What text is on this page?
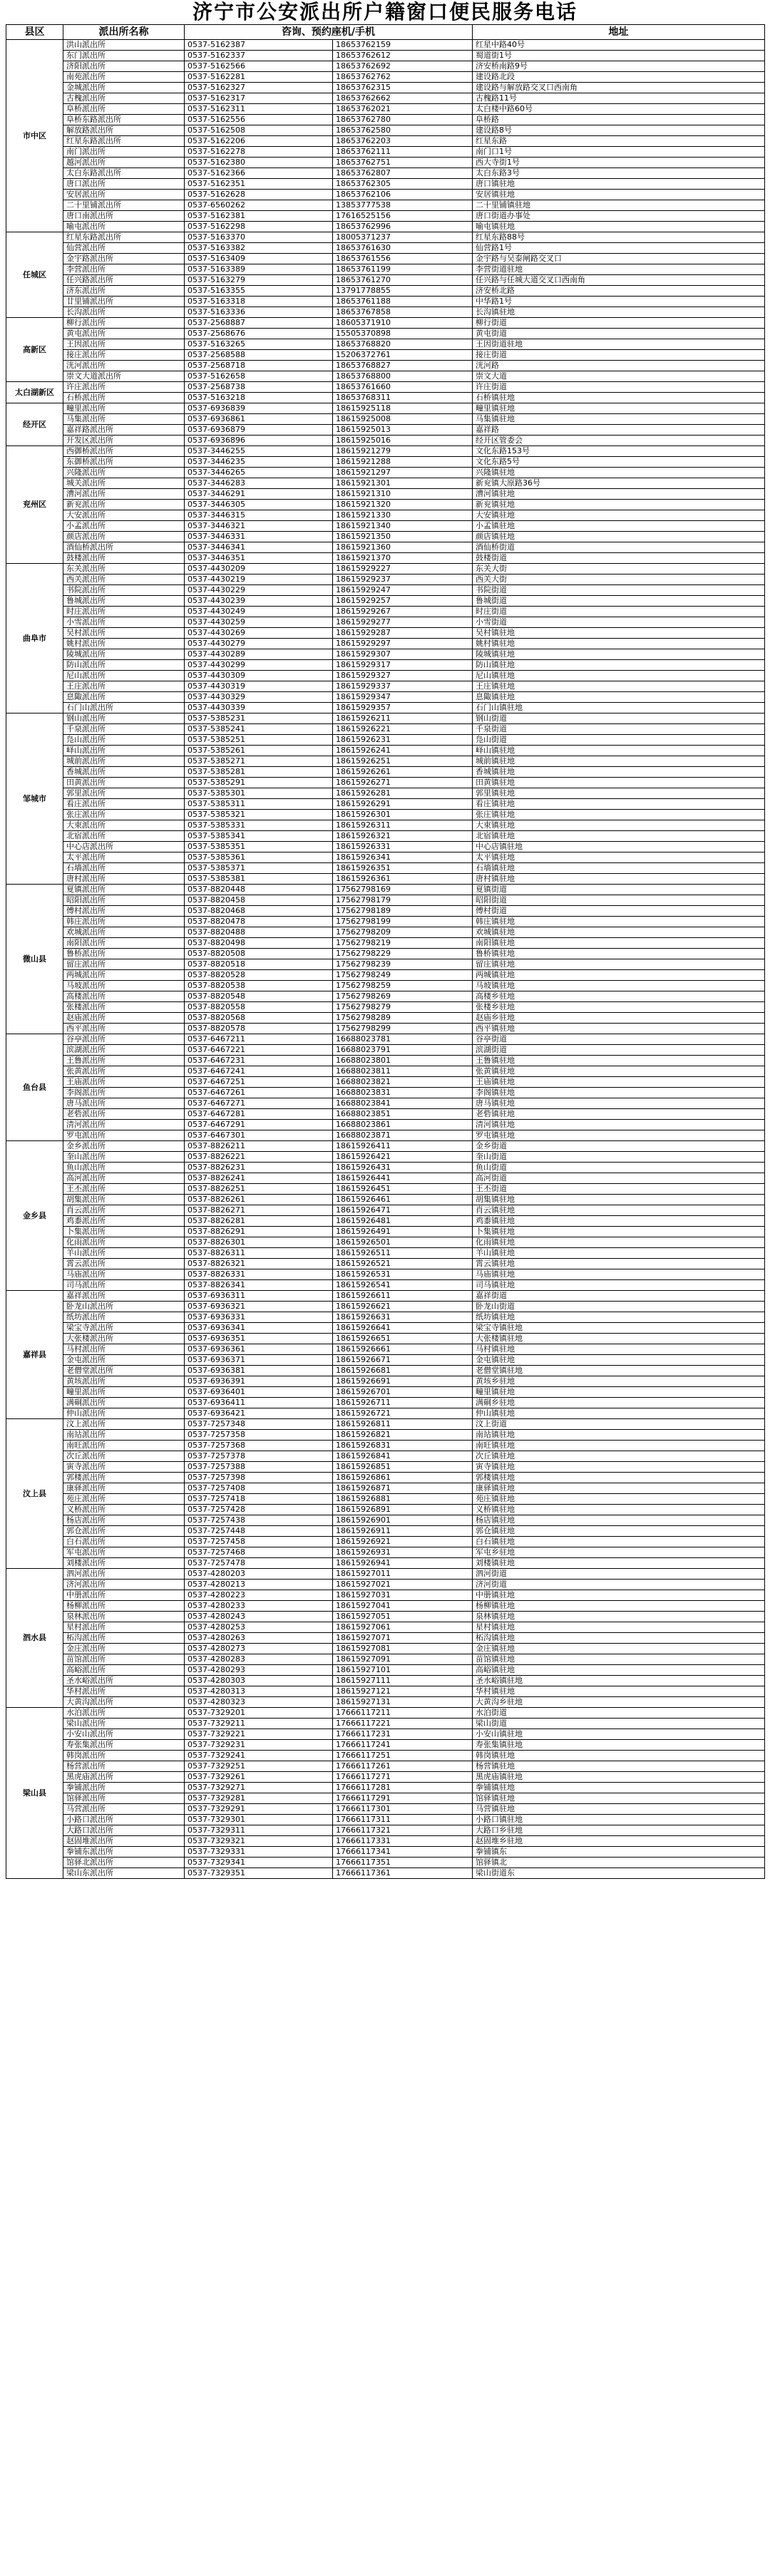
济宁市公安派出所户籍窗口便民服务电话
县区	派出所名称	咨询、预约座机/手机		地址
市中区	洪山派出所	0537-5162387	18653762159	红星中路40号
	东门派出所	0537-5162337	18653762612	蜀道街1号
	济阳派出所	0537-5162566	18653762692	济安桥南路9号
	南苑派出所	0537-5162281	18653762762	建设路北段
	金城派出所	0537-5162327	18653762315	建设路与解放路交叉口西南角
	古槐派出所	0537-5162317	18653762662	古槐路11号
	阜桥派出所	0537-5162311	18653762021	太白楼中路60号
	阜桥东路派出所	0537-5162556	18653762780	阜桥路
	解放路派出所	0537-5162508	18653762580	建设路8号
	红星东路派出所	0537-5162206	18653762203	红星东路
	南门派出所	0537-5162278	18653762111	南门口1号
	越河派出所	0537-5162380	18653762751	西大寺街1号
	太白东路派出所	0537-5162366	18653762807	太白东路3号
	唐口派出所	0537-5162351	18653762305	唐口镇驻地
	安居派出所	0537-5162628	18653762106	安居镇驻地
	二十里铺派出所	0537-6560262	13853777538	二十里铺镇驻地
	唐口南派出所	0537-5162381	17616525156	唐口街道办事处
	喻屯派出所	0537-5162298	18653762996	喻屯镇驻地
任城区	红星东路派出所	0537-5163370	18005371237	红星东路88号
	仙营派出所	0537-5163382	18653761630	仙营路1号
	金宇路派出所	0537-5163409	18653761556	金宇路与吴泰闸路交叉口
	李营派出所	0537-5163389	18653761199	李营街道驻地
	任兴路派出所	0537-5163279	18653761270	任兴路与任城大道交叉口西南角
	济东派出所	0537-5163355	13791778855	济安桥北路
	廿里铺派出所	0537-5163318	18653761188	中华路1号
	长沟派出所	0537-5163336	18653767858	长沟镇驻地
高新区	柳行派出所	0537-2568887	18605371910	柳行街道
	黄屯派出所	0537-2568676	15505370898	黄屯街道
	王因派出所	0537-5163265	18653768820	王因街道驻地
	接庄派出所	0537-2568588	15206372761	接庄街道
	洸河派出所	0537-2568718	18653768827	洸河路
	崇文大道派出所	0537-5162658	18653768800	崇文大道
太白湖新区	许庄派出所	0537-2568738	18653761660	许庄街道
	石桥派出所	0537-5163218	18653768311	石桥镇驻地
经开区	疃里派出所	0537-6936839	18615925118	疃里镇驻地
	马集派出所	0537-6936861	18615925008	马集镇驻地
	嘉祥路派出所	0537-6936879	18615925013	嘉祥路
	开发区派出所	0537-6936896	18615925016	经开区管委会
兖州区	西御桥派出所	0537-3446255	18615921279	文化东路153号
	东御桥派出所	0537-3446235	18615921288	文化东路5号
	兴隆派出所	0537-3446265	18615921297	兴隆镇驻地
	城关派出所	0537-3446283	18615921301	新兖镇大原路36号
	漕河派出所	0537-3446291	18615921310	漕河镇驻地
	新兖派出所	0537-3446305	18615921320	新兖镇驻地
	大安派出所	0537-3446315	18615921330	大安镇驻地
	小孟派出所	0537-3446321	18615921340	小孟镇驻地
	颜店派出所	0537-3446331	18615921350	颜店镇驻地
	酒仙桥派出所	0537-3446341	18615921360	酒仙桥街道
	鼓楼派出所	0537-3446351	18615921370	鼓楼街道
曲阜市	东关派出所	0537-4430209	18615929227	东关大街
	西关派出所	0537-4430219	18615929237	西关大街
	书院派出所	0537-4430229	18615929247	书院街道
	鲁城派出所	0537-4430239	18615929257	鲁城街道
	时庄派出所	0537-4430249	18615929267	时庄街道
	小雪派出所	0537-4430259	18615929277	小雪街道
	吴村派出所	0537-4430269	18615929287	吴村镇驻地
	姚村派出所	0537-4430279	18615929297	姚村镇驻地
	陵城派出所	0537-4430289	18615929307	陵城镇驻地
	防山派出所	0537-4430299	18615929317	防山镇驻地
	尼山派出所	0537-4430309	18615929327	尼山镇驻地
	王庄派出所	0537-4430319	18615929337	王庄镇驻地
	息陬派出所	0537-4430329	18615929347	息陬镇驻地
	石门山派出所	0537-4430339	18615929357	石门山镇驻地
邹城市	钢山派出所	0537-5385231	18615926211	钢山街道
	千泉派出所	0537-5385241	18615926221	千泉街道
	凫山派出所	0537-5385251	18615926231	凫山街道
	峄山派出所	0537-5385261	18615926241	峄山镇驻地
	城前派出所	0537-5385271	18615926251	城前镇驻地
	香城派出所	0537-5385281	18615926261	香城镇驻地
	田黄派出所	0537-5385291	18615926271	田黄镇驻地
	郭里派出所	0537-5385301	18615926281	郭里镇驻地
	看庄派出所	0537-5385311	18615926291	看庄镇驻地
	张庄派出所	0537-5385321	18615926301	张庄镇驻地
	大束派出所	0537-5385331	18615926311	大束镇驻地
	北宿派出所	0537-5385341	18615926321	北宿镇驻地
	中心店派出所	0537-5385351	18615926331	中心店镇驻地
	太平派出所	0537-5385361	18615926341	太平镇驻地
	石墙派出所	0537-5385371	18615926351	石墙镇驻地
	唐村派出所	0537-5385381	18615926361	唐村镇驻地
微山县	夏镇派出所	0537-8820448	17562798169	夏镇街道
	昭阳派出所	0537-8820458	17562798179	昭阳街道
	傅村派出所	0537-8820468	17562798189	傅村街道
	韩庄派出所	0537-8820478	17562798199	韩庄镇驻地
	欢城派出所	0537-8820488	17562798209	欢城镇驻地
	南阳派出所	0537-8820498	17562798219	南阳镇驻地
	鲁桥派出所	0537-8820508	17562798229	鲁桥镇驻地
	留庄派出所	0537-8820518	17562798239	留庄镇驻地
	两城派出所	0537-8820528	17562798249	两城镇驻地
	马坡派出所	0537-8820538	17562798259	马坡镇驻地
	高楼派出所	0537-8820548	17562798269	高楼乡驻地
	张楼派出所	0537-8820558	17562798279	张楼乡驻地
	赵庙派出所	0537-8820568	17562798289	赵庙乡驻地
	西平派出所	0537-8820578	17562798299	西平镇驻地
鱼台县	谷亭派出所	0537-6467211	16688023781	谷亭街道
	滨湖派出所	0537-6467221	16688023791	滨湖街道
	王鲁派出所	0537-6467231	16688023801	王鲁镇驻地
	张黄派出所	0537-6467241	16688023811	张黄镇驻地
	王庙派出所	0537-6467251	16688023821	王庙镇驻地
	李阁派出所	0537-6467261	16688023831	李阁镇驻地
	唐马派出所	0537-6467271	16688023841	唐马镇驻地
	老砦派出所	0537-6467281	16688023851	老砦镇驻地
	清河派出所	0537-6467291	16688023861	清河镇驻地
	罗屯派出所	0537-6467301	16688023871	罗屯镇驻地
金乡县	金乡派出所	0537-8826211	18615926411	金乡街道
	奎山派出所	0537-8826221	18615926421	奎山街道
	鱼山派出所	0537-8826231	18615926431	鱼山街道
	高河派出所	0537-8826241	18615926441	高河街道
	王丕派出所	0537-8826251	18615926451	王丕街道
	胡集派出所	0537-8826261	18615926461	胡集镇驻地
	肖云派出所	0537-8826271	18615926471	肖云镇驻地
	鸡黍派出所	0537-8826281	18615926481	鸡黍镇驻地
	卜集派出所	0537-8826291	18615926491	卜集镇驻地
	化雨派出所	0537-8826301	18615926501	化雨镇驻地
	羊山派出所	0537-8826311	18615926511	羊山镇驻地
	霄云派出所	0537-8826321	18615926521	霄云镇驻地
	马庙派出所	0537-8826331	18615926531	马庙镇驻地
	司马派出所	0537-8826341	18615926541	司马镇驻地
嘉祥县	嘉祥派出所	0537-6936311	18615926611	嘉祥街道
	卧龙山派出所	0537-6936321	18615926621	卧龙山街道
	纸坊派出所	0537-6936331	18615926631	纸坊镇驻地
	梁宝寺派出所	0537-6936341	18615926641	梁宝寺镇驻地
	大张楼派出所	0537-6936351	18615926651	大张楼镇驻地
	马村派出所	0537-6936361	18615926661	马村镇驻地
	金屯派出所	0537-6936371	18615926671	金屯镇驻地
	老僧堂派出所	0537-6936381	18615926681	老僧堂镇驻地
	黄垓派出所	0537-6936391	18615926691	黄垓乡驻地
	疃里派出所	0537-6936401	18615926701	疃里镇驻地
	满硐派出所	0537-6936411	18615926711	满硐乡驻地
	仲山派出所	0537-6936421	18615926721	仲山镇驻地
汶上县	汶上派出所	0537-7257348	18615926811	汶上街道
	南站派出所	0537-7257358	18615926821	南站镇驻地
	南旺派出所	0537-7257368	18615926831	南旺镇驻地
	次丘派出所	0537-7257378	18615926841	次丘镇驻地
	寅寺派出所	0537-7257388	18615926851	寅寺镇驻地
	郭楼派出所	0537-7257398	18615926861	郭楼镇驻地
	康驿派出所	0537-7257408	18615926871	康驿镇驻地
	苑庄派出所	0537-7257418	18615926881	苑庄镇驻地
	义桥派出所	0537-7257428	18615926891	义桥镇驻地
	杨店派出所	0537-7257438	18615926901	杨店镇驻地
	郭仓派出所	0537-7257448	18615926911	郭仓镇驻地
	白石派出所	0537-7257458	18615926921	白石镇驻地
	军屯派出所	0537-7257468	18615926931	军屯乡驻地
	刘楼派出所	0537-7257478	18615926941	刘楼镇驻地
泗水县	泗河派出所	0537-4280203	18615927011	泗河街道
	济河派出所	0537-4280213	18615927021	济河街道
	中册派出所	0537-4280223	18615927031	中册镇驻地
	杨柳派出所	0537-4280233	18615927041	杨柳镇驻地
	泉林派出所	0537-4280243	18615927051	泉林镇驻地
	星村派出所	0537-4280253	18615927061	星村镇驻地
	柘沟派出所	0537-4280263	18615927071	柘沟镇驻地
	金庄派出所	0537-4280273	18615927081	金庄镇驻地
	苗馆派出所	0537-4280283	18615927091	苗馆镇驻地
	高峪派出所	0537-4280293	18615927101	高峪镇驻地
	圣水峪派出所	0537-4280303	18615927111	圣水峪镇驻地
	华村派出所	0537-4280313	18615927121	华村镇驻地
	大黄沟派出所	0537-4280323	18615927131	大黄沟乡驻地
梁山县	水泊派出所	0537-7329201	17666117211	水泊街道
	梁山派出所	0537-7329211	17666117221	梁山街道
	小安山派出所	0537-7329221	17666117231	小安山镇驻地
	寿张集派出所	0537-7329231	17666117241	寿张集镇驻地
	韩岗派出所	0537-7329241	17666117251	韩岗镇驻地
	杨营派出所	0537-7329251	17666117261	杨营镇驻地
	黑虎庙派出所	0537-7329261	17666117271	黑虎庙镇驻地
	拳铺派出所	0537-7329271	17666117281	拳铺镇驻地
	馆驿派出所	0537-7329281	17666117291	馆驿镇驻地
	马营派出所	0537-7329291	17666117301	马营镇驻地
	小路口派出所	0537-7329301	17666117311	小路口镇驻地
	大路口派出所	0537-7329311	17666117321	大路口乡驻地
	赵固堆派出所	0537-7329321	17666117331	赵固堆乡驻地
	拳铺东派出所	0537-7329331	17666117341	拳铺镇东
	馆驿北派出所	0537-7329341	17666117351	馆驿镇北
	梁山东派出所	0537-7329351	17666117361	梁山街道东
